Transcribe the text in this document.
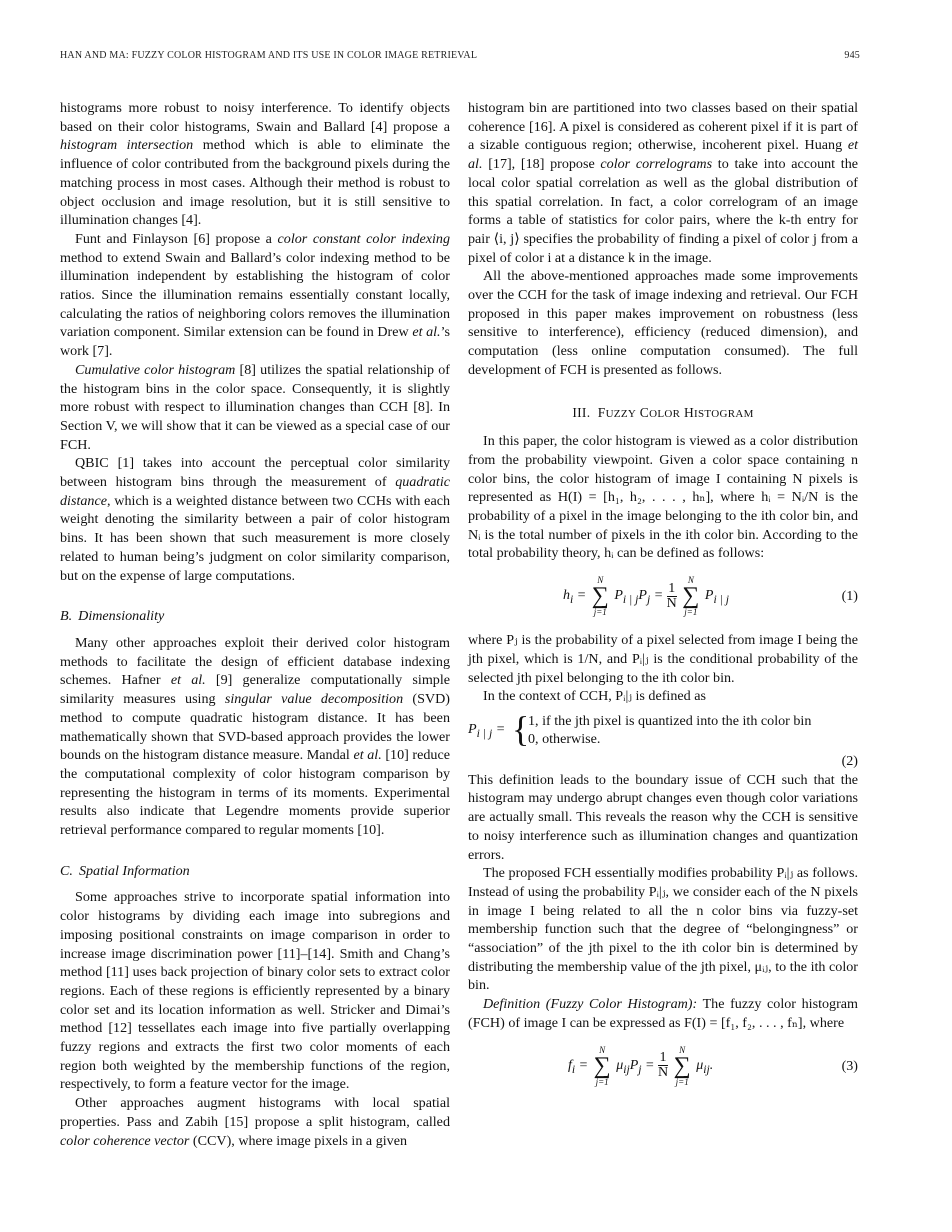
HAN AND MA: FUZZY COLOR HISTOGRAM AND ITS USE IN COLOR IMAGE RETRIEVAL	945

histograms more robust to noisy interference. To identify objects based on their color histograms, Swain and Ballard [4] propose a histogram intersection method which is able to eliminate the influence of color contributed from the background pixels during the matching process in most cases. Although their method is robust to object occlusion and image resolution, but it is still sensitive to illumination changes [4].

Funt and Finlayson [6] propose a color constant color indexing method to extend Swain and Ballard’s color indexing method to be illumination independent by establishing the histogram of color ratios. Since the illumination remains essentially constant locally, calculating the ratios of neighboring colors removes the illumination variation component. Similar extension can be found in Drew et al.’s work [7].

Cumulative color histogram [8] utilizes the spatial relationship of the histogram bins in the color space. Consequently, it is slightly more robust with respect to illumination changes than CCH [8]. In Section V, we will show that it can be viewed as a special case of our FCH.

QBIC [1] takes into account the perceptual color similarity between histogram bins through the measurement of quadratic distance, which is a weighted distance between two CCHs with each weight denoting the similarity between a pair of color histogram bins. It has been shown that such measurement is more closely related to human being’s judgment on color similarity comparison, but on the expense of large computations.

B. Dimensionality

Many other approaches exploit their derived color histogram methods to facilitate the design of efficient database indexing schemes. Hafner et al. [9] generalize computationally simple similarity measures using singular value decomposition (SVD) method to compute quadratic histogram distance. It has been mathematically shown that SVD-based approach provides the lower bounds on the histogram distance measure. Mandal et al. [10] reduce the computational complexity of color histogram comparison by representing the histogram in terms of its moments. Experimental results also indicate that Legendre moments provide superior retrieval performance compared to regular moments [10].

C. Spatial Information

Some approaches strive to incorporate spatial information into color histograms by dividing each image into subregions and imposing positional constraints on image comparison in order to increase image discrimination power [11]–[14]. Smith and Chang’s method [11] uses back projection of binary color sets to extract color regions. Each of these regions is efficiently represented by a binary color set and its location information as well. Stricker and Dimai’s method [12] tessellates each image into five partially overlapping fuzzy regions and extracts the first two color moments of each region both weighted by the membership functions of the region, respectively, to form a feature vector for the image.

Other approaches augment histograms with local spatial properties. Pass and Zabih [15] propose a split histogram, called color coherence vector (CCV), where image pixels in a given

histogram bin are partitioned into two classes based on their spatial coherence [16]. A pixel is considered as coherent pixel if it is part of a sizable contiguous region; otherwise, incoherent pixel. Huang et al. [17], [18] propose color correlograms to take into account the local color spatial correlation as well as the global distribution of this spatial correlation. In fact, a color correlogram of an image forms a table of statistics for color pairs, where the k-th entry for pair ⟨i, j⟩ specifies the probability of finding a pixel of color j from a pixel of color i at a distance k in the image.

All the above-mentioned approaches made some improvements over the CCH for the task of image indexing and retrieval. Our FCH proposed in this paper makes improvement on robustness (less sensitive to interference), efficiency (reduced dimension), and computation (less online computation consumed). The full development of FCH is presented as follows.

III. FUZZY COLOR HISTOGRAM

In this paper, the color histogram is viewed as a color distribution from the probability viewpoint. Given a color space containing n color bins, the color histogram of image I containing N pixels is represented as H(I) = [h₁, h₂, . . . , hₙ], where hᵢ = Nᵢ/N is the probability of a pixel in the image belonging to the ith color bin, and Nᵢ is the total number of pixels in the ith color bin. According to the total probability theory, hᵢ can be defined as follows:

$h_i$ =
N
∑
j=1
$P_{i | j}P_j = \frac{1}{N}$

N
∑
j=1
$P_{i | j}$	(1)

where Pⱼ is the probability of a pixel selected from image I being the jth pixel, which is 1/N, and Pᵢ|ⱼ is the conditional probability of the selected jth pixel belonging to the ith color bin.

In the context of CCH, Pᵢ|ⱼ is defined as

$P_{i | j}$ = {
1, if the jth pixel is quantized into the ith color bin
0, otherwise.
(2)

This definition leads to the boundary issue of CCH such that the histogram may undergo abrupt changes even though color variations are actually small. This reveals the reason why the CCH is sensitive to noisy interference such as illumination changes and quantization errors.

The proposed FCH essentially modifies probability Pᵢ|ⱼ as follows. Instead of using the probability Pᵢ|ⱼ, we consider each of the N pixels in image I being related to all the n color bins via fuzzy-set membership function such that the degree of “belongingness” or “association” of the jth pixel to the ith color bin is determined by distributing the membership value of the jth pixel, μᵢⱼ, to the ith color bin.

Definition (Fuzzy Color Histogram): The fuzzy color histogram (FCH) of image I can be expressed as F(I) = [f₁, f₂, . . . , fₙ], where

$f_i$ =
N
∑
j=1
$\mu_{ij}P_j = \frac{1}{N}$

N
∑
j=1
$\mu_{ij}$.	(3)
